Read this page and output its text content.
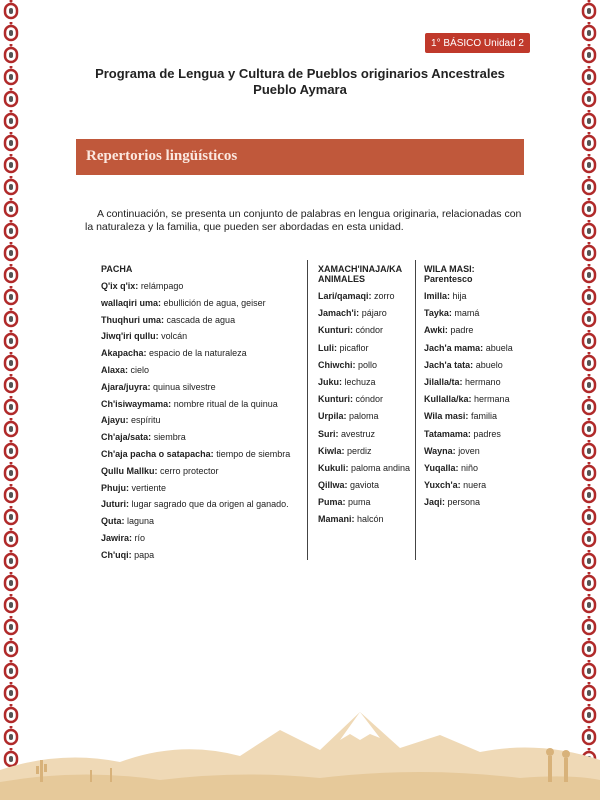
1° BÁSICO Unidad 2
Programa de Lengua y Cultura de Pueblos originarios Ancestrales
Pueblo Aymara
Repertorios lingüísticos
A continuación, se presenta un conjunto de palabras en lengua originaria, relacionadas con la naturaleza y la familia, que pueden ser abordadas en esta unidad.
PACHA
Q'ix q'ix: relámpago
wallaqiri uma: ebullición de agua, geiser
Thuqhuri uma: cascada de agua
Jiwq'iri qullu: volcán
Akapacha: espacio de la naturaleza
Alaxa: cielo
Ajara/juyra: quinua silvestre
Ch'isiwaymama: nombre ritual de la quinua
Ajayu: espíritu
Ch'aja/sata: siembra
Ch'aja pacha o satapacha: tiempo de siembra
Qullu Mallku: cerro protector
Phuju: vertiente
Juturi: lugar sagrado que da origen al ganado.
Quta: laguna
Jawira: río
Ch'uqi: papa
XAMACH'INAJA/KA
ANIMALES
Lari/qamaqi: zorro
Jamach'i: pájaro
Kunturi: cóndor
Luli: picaflor
Chiwchi: pollo
Juku: lechuza
Kunturi: cóndor
Urpila: paloma
Suri: avestruz
Kiwla: perdiz
Kukuli: paloma andina
Qillwa: gaviota
Puma: puma
Mamani: halcón
WILA MASI:
Parentesco
Imilla: hija
Tayka: mamá
Awki: padre
Jach'a mama: abuela
Jach'a tata: abuelo
Jilalla/ta: hermano
Kullalla/ka: hermana
Wila masi: familia
Tatamama: padres
Wayna: joven
Yuqalla: niño
Yuxch'a: nuera
Jaqi: persona
